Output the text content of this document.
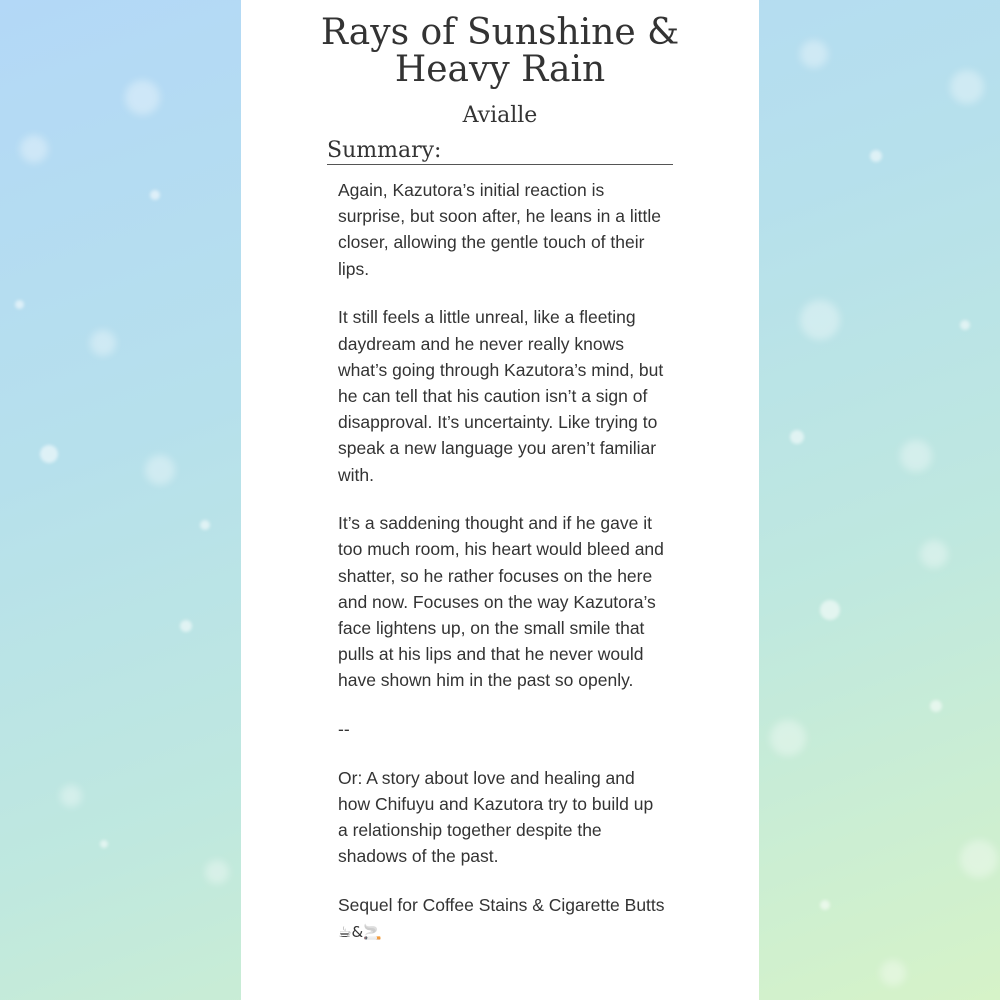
Rays of Sunshine &
Heavy Rain
Avialle
Summary:

Again, Kazutora’s initial reaction is surprise, but soon after, he leans in a little closer, allowing the gentle touch of their lips.

It still feels a little unreal, like a fleeting daydream and he never really knows what’s going through Kazutora’s mind, but he can tell that his caution isn’t a sign of disapproval. It’s uncertainty. Like trying to speak a new language you aren’t familiar with.

It’s a saddening thought and if he gave it too much room, his heart would bleed and shatter, so he rather focuses on the here and now. Focuses on the way Kazutora’s face lightens up, on the small smile that pulls at his lips and that he never would have shown him in the past so openly.

--

Or: A story about love and healing and how Chifuyu and Kazutora try to build up a relationship together despite the shadows of the past.

Sequel for Coffee Stains & Cigarette Butts
☕&🚬
